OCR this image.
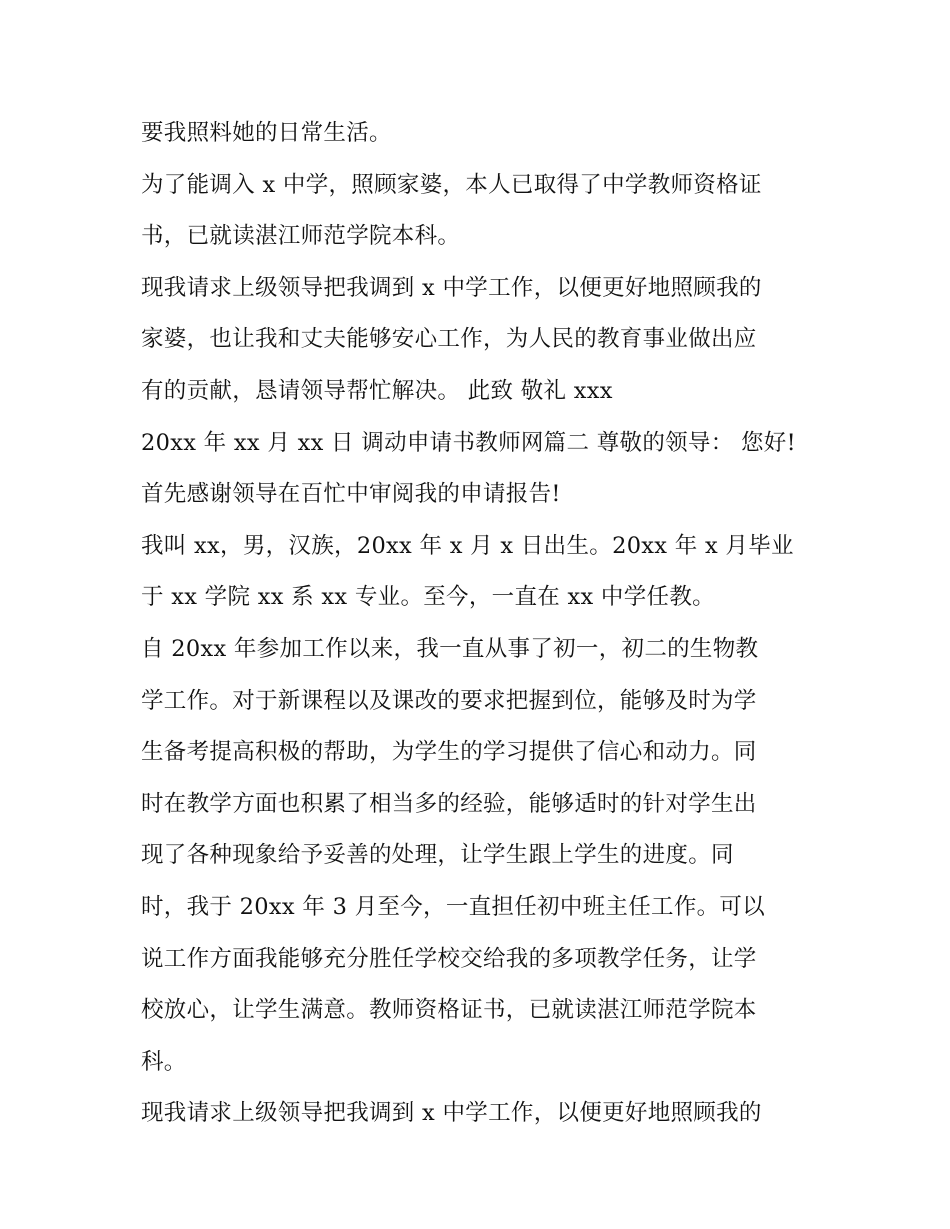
要我照料她的日常生活。
为了能调入 x 中学，照顾家婆，本人已取得了中学教师资格证
书，已就读湛江师范学院本科。
现我请求上级领导把我调到 x 中学工作，以便更好地照顾我的
家婆，也让我和丈夫能够安心工作，为人民的教育事业做出应
有的贡献，恳请领导帮忙解决。 此致 敬礼 xxx
20xx 年 xx 月 xx 日 调动申请书教师网篇二 尊敬的领导： 您好!
首先感谢领导在百忙中审阅我的申请报告!
我叫 xx，男，汉族，20xx 年 x 月 x 日出生。20xx 年 x 月毕业
于 xx 学院 xx 系 xx 专业。至今，一直在 xx 中学任教。
自 20xx 年参加工作以来，我一直从事了初一，初二的生物教
学工作。对于新课程以及课改的要求把握到位，能够及时为学
生备考提高积极的帮助，为学生的学习提供了信心和动力。同
时在教学方面也积累了相当多的经验，能够适时的针对学生出
现了各种现象给予妥善的处理，让学生跟上学生的进度。同
时，我于 20xx 年 3 月至今，一直担任初中班主任工作。可以
说工作方面我能够充分胜任学校交给我的多项教学任务，让学
校放心，让学生满意。教师资格证书，已就读湛江师范学院本
科。
现我请求上级领导把我调到 x 中学工作，以便更好地照顾我的
